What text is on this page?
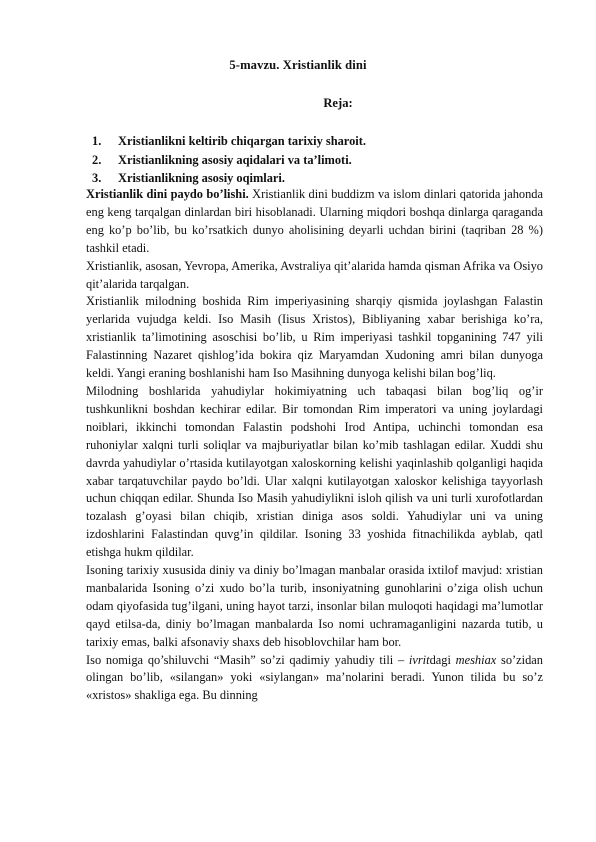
5-mavzu. Xristianlik dini
Reja:
1. Xristianlikni keltirib chiqargan tarixiy sharoit.
2. Xristianlikning asosiy aqidalari va ta’limoti.
3. Xristianlikning asosiy oqimlari.

Xristianlik dini paydo bo’lishi. Xristianlik dini buddizm va islom dinlari qatorida jahonda eng keng tarqalgan dinlardan biri hisoblanadi. Ularning miqdori boshqa dinlarga qaraganda eng ko’p bo’lib, bu ko’rsatkich dunyo aholisining deyarli uchdan birini (taqriban 28 %) tashkil etadi.

Xristianlik, asosan, Yevropa, Amerika, Avstraliya qit’alarida hamda qisman Afrika va Osiyo qit’alarida tarqalgan.

Xristianlik milodning boshida Rim imperiyasining sharqiy qismida joylashgan Falastin yerlarida vujudga keldi. Iso Masih (Iisus Xristos), Bibliyaning xabar berishiga ko’ra, xristianlik ta’limotining asoschisi bo’lib, u Rim imperiyasi tashkil topganining 747 yili Falastinning Nazaret qishlog’ida bokira qiz Maryamdan Xudoning amri bilan dunyoga keldi. Yangi eraning boshlanishi ham Iso Masihning dunyoga kelishi bilan bog’liq.

Milodning boshlarida yahudiylar hokimiyatning uch tabaqasi bilan bog’liq og’ir tushkunlikni boshdan kechirar edilar. Bir tomondan Rim imperatori va uning joylardagi noiblari, ikkinchi tomondan Falastin podshohi Irod Antipa, uchinchi tomondan esa ruhoniylar xalqni turli soliqlar va majburiyatlar bilan ko’mib tashlagan edilar. Xuddi shu davrda yahudiylar o’rtasida kutilayotgan xaloskorning kelishi yaqinlashib qolganligi haqida xabar tarqatuvchilar paydo bo’ldi. Ular xalqni kutilayotgan xaloskor kelishiga tayyorlash uchun chiqqan edilar. Shunda Iso Masih yahudiylikni isloh qilish va uni turli xurofotlardan tozalash g’oyasi bilan chiqib, xristian diniga asos soldi. Yahudiylar uni va uning izdoshlarini Falastindan quvg’in qildilar. Isoning 33 yoshida fitnachilikda ayblab, qatl etishga hukm qildilar.

Isoning tarixiy xususida diniy va diniy bo’lmagan manbalar orasida ixtilof mavjud: xristian manbalarida Isoning o’zi xudo bo’la turib, insoniyatning gunohlarini o’ziga olish uchun odam qiyofasida tug’ilgani, uning hayot tarzi, insonlar bilan muloqoti haqidagi ma’lumotlar qayd etilsa-da, diniy bo’lmagan manbalarda Iso nomi uchramaganligini nazarda tutib, u tarixiy emas, balki afsonaviy shaxs deb hisoblovchilar ham bor.

Iso nomiga qo’shiluvchi “Masih” so’zi qadimiy yahudiy tili – ivritdagi meshiax so’zidan olingan bo’lib, «silangan» yoki «siylangan» ma’nolarini beradi. Yunon tilida bu so’z «xristos» shakliga ega. Bu dinning
